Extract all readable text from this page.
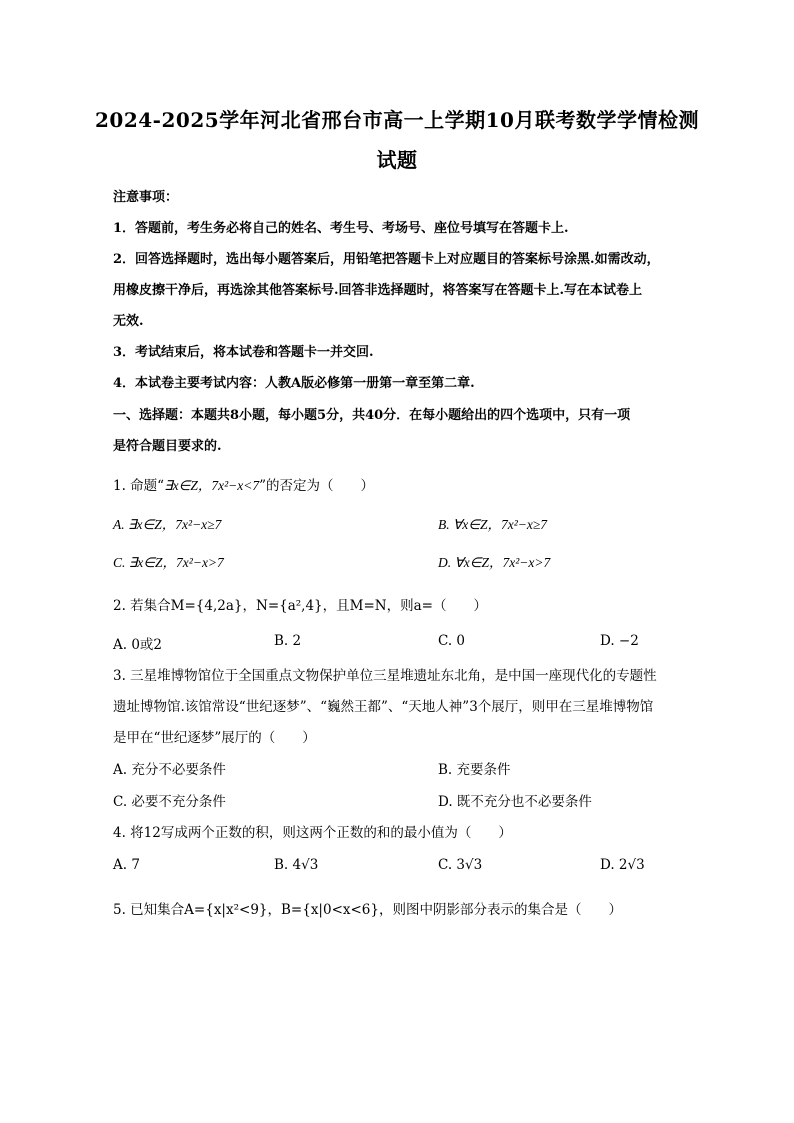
2024-2025学年河北省邢台市高一上学期10月联考数学学情检测
试题
注意事项：
1．答题前，考生务必将自己的姓名、考生号、考场号、座位号填写在答题卡上.
2．回答选择题时，选出每小题答案后，用铅笔把答题卡上对应题目的答案标号涂黑.如需改动，
用橡皮擦干净后，再选涂其他答案标号.回答非选择题时，将答案写在答题卡上.写在本试卷上
无效.
3．考试结束后，将本试卷和答题卡一并交回.
4．本试卷主要考试内容：人教A版必修第一册第一章至第二章.
一、选择题：本题共8小题，每小题5分，共40分．在每小题给出的四个选项中，只有一项
是符合题目要求的.
1. 命题“∃x∈Z，7x²−x<7”的否定为（　　）
A. ∃x∈Z，7x²−x≥7	B. ∀x∈Z，7x²−x≥7
C. ∃x∈Z，7x²−x>7	D. ∀x∈Z，7x²−x>7
2. 若集合M={4,2a}，N={a²,4}，且M=N，则a=（　　）
A. 0或2	B. 2	C. 0	D. −2
3. 三星堆博物馆位于全国重点文物保护单位三星堆遗址东北角，是中国一座现代化的专题性
遗址博物馆.该馆常设“世纪逐梦”、“巍然王都”、“天地人神”3个展厅，则甲在三星堆博物馆
是甲在“世纪逐梦”展厅的（　　）
A. 充分不必要条件	B. 充要条件
C. 必要不充分条件	D. 既不充分也不必要条件
4. 将12写成两个正数的积，则这两个正数的和的最小值为（　　）
A. 7	B. 4√3	C. 3√3	D. 2√3
5. 已知集合A={x|x²<9}，B={x|0<x<6}，则图中阴影部分表示的集合是（　　）
